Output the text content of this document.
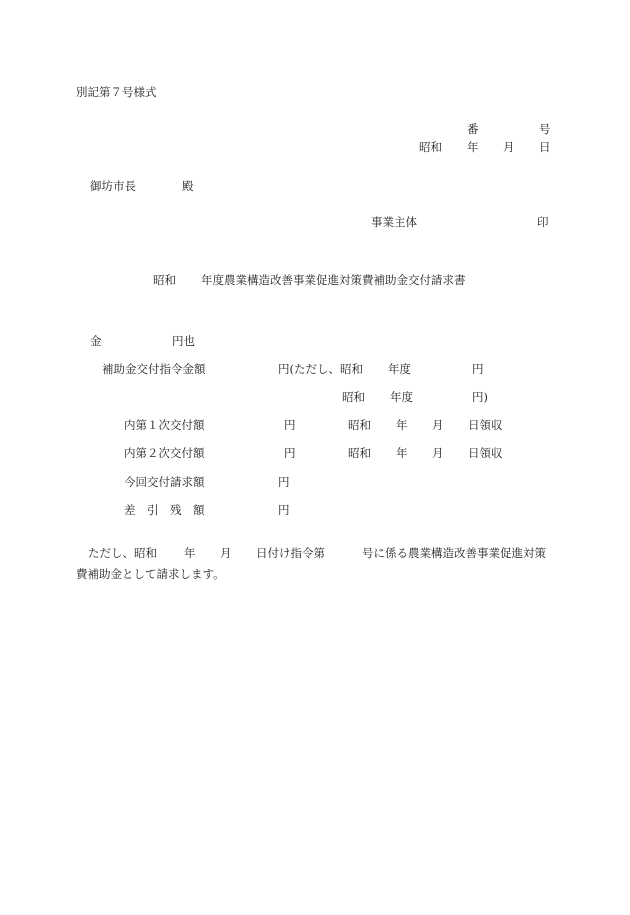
別記第７号様式
番	号
昭和 年 月 日
御坊市長	殿
事業主体	印
昭和 年度農業構造改善事業促進対策費補助金交付請求書
金	円也
補助金交付指令金額	円(ただし、昭和 年度	円
昭和 年度	円)
内第１次交付額	円	昭和 年 月 日領収
内第２次交付額	円	昭和 年 月 日領収
今回交付請求額	円
差　引　残　額	円
ただし、昭和 年 月 日付け指令第	号に係る農業構造改善事業促進対策
費補助金として請求します。
